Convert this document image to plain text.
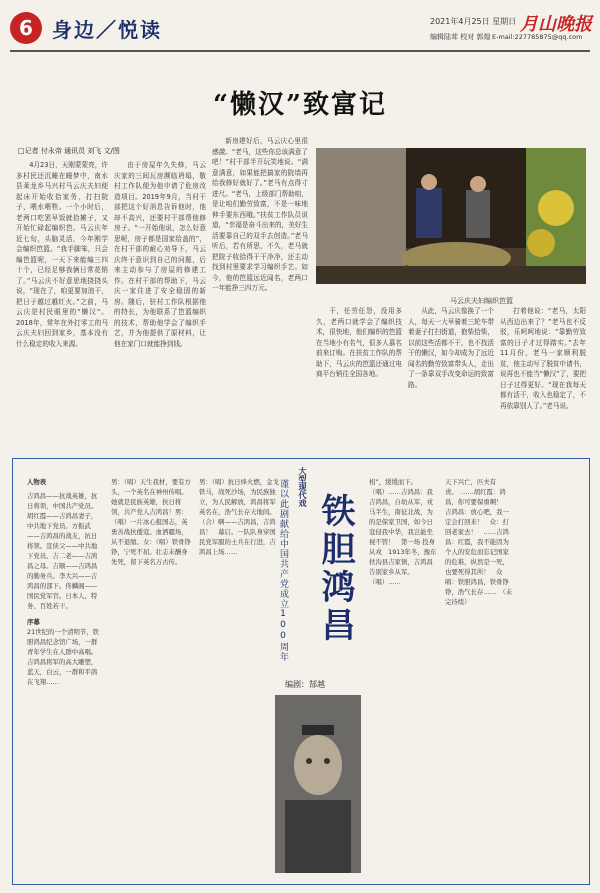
6 身边／悦读	2021年4月25日 星期日
编辑陆茸 校对 郭煌
月山晚报
E-mail:227785875@qq.com
“懒汉”致富记
□记者 付永帝 通讯员 刘飞 文/图

4月23日，天刚蒙蒙亮，许多村民还沉睡在睡梦中，南水县莱龙乡马兴村马云庆夫妇便起床开始收拾家务，打扫院子，喂水喂牲。一个小时后，老两口吃罢早饭就拾摊子，又开始忙碌起编织笆。马云庆年近七旬，头脑灵活，今年刚学会编织笆篮。“我手脚笨，只会编笆篮呢，一天下来能编三四十个，已经足够我俩日常花销了。”马云庆不好意思地挠挠头说，“现在了，咱更要加油干，把日子越过越红火。”之前，马云庆是村民眼里的“懒汉”。2018年，常年在外打零工的马云庆夫妇回到家乡，基本没有什么稳定的收入来源。

由于房屋年久失修，马云庆家的三间瓦房濒临坍塌，敬村工作队便为他申请了危房改造项目。2019年9月，当村干部把这个好消息告诉他时，他却不高兴，还要村干部帮他修房子。“一开始他说，怎么好意思呢，房子都是国家给盖的”，在村干部的耐心劝导下，马云庆终于意识到自己的问题，后来主动参与了房屋的修建工作。在村干部的帮助下，马云庆一家住进了安全稳固的新房。随后，驻村工作队根据他的特长，为他联系了笆篮编织的技术，帮助他学会了编织手艺，并为他提供了原材料，让他在家门口就能挣到钱。

新房建好后，马云庆心里很感激。“老马，这些你总该满意了吧！”村干部半开玩笑地说。“满意满意，如果能把搞家的院墙再给我修好就好了。”老马有点得寸进尺。“老马，上级部门帮助咱，是让咱们勤劳致富，不是一味地伸手要东西哦。”扶贫工作队员说道，“幸福是奋斗出来的，美好生活要靠自己的双手去创造。”老马听后，若有所思，不久，老马就把院子收拾得干干净净，还主动找到村里要求学习编织手艺。如今，他的笆篮远近闻名，老两口一年能挣三四万元。

马云庆夫妇编织笆篮

干，任劳任怨，没用多久，老两口就学会了编织技术，很快地，他们编织的笆篮在当地小有名气，很多人慕名前来订购。在扶贫工作队的帮助下，马云庆的笆篮还通过电商平台销往全国各地。

从此，马云庆像换了一个人，每天一大早骑着三轮车带着妻子打扫街道，抱柴拾柴，以前这些活都不干，也不找活干的懒汉，如今却成为了远近闻名的勤劳致富带头人，走出了一条靠双手改变命运的致富路。

打着他说：“老马，太阳从西边出来了？”老马也不反驳，乐呵呵地说：“靠勤劳致富的日子才过得踏实。”去年11月份，老马一家顺利脱贫，他主动写了脱贫申请书，说再也不能当“懒汉”了，要把日子过得更好。“现在我每天都有活干，收入也稳定了，不再依靠别人了。”老马说。

人物表
吉鸿昌——抗战英雄，抗日将领，中国共产党员。胡红霞——吉鸿昌妻子，中共地下党员。方振武——吉鸿昌的战友，抗日将领。宣侠父——中共地下党员。吉二老——吉鸿昌之母。吉顺——吉鸿昌的勤务兵。李大兴——吉鸿昌的部下。佟麟阁——国民党军官。日本人、特务、百姓若干。
序幕
21世纪的一个清明节，铁胆鸿昌纪念馆广场，一群青年学生在人群中高唱。吉鸿昌将军的高大雕塑，蓝天，白云，一群和平鸽在飞翔……
男：（唱）天生我材，要有方头，一个英名在神州传唱。她就是民族英雄，抗日将领，共产党人吉鸿昌！男：（唱）一片冰心报国志，英勇善战抗倭寇。血洒疆场，从不退缩。女：（唱）铁骨铮铮，宁死不屈。壮志未酬身先死，留下英名万古传。
男：（唱）抗日烽火燃，金戈铁马，战死沙场，为民族独立，为人民解放，鸿昌将军英名在，浩气长存天地间。（合）啊——吉鸿昌，吉鸿昌！　幕启。一队队身穿国民党军服的士兵在行进，吉鸿昌上场……
大型现代戏
谨以此剧献给中国共产党成立100周年 铁胆鸿昌
编剧：郜越
相”，缓缓而下。　（唱）……吉鸿昌：我吉鸿昌，自幼从军，戎马半生，南征北战，为的是保家卫国，如今日寇侵我中华，我岂能坐视不管！　第一场 投身从戎　1913年冬，豫东扶沟县吉家镇，吉鸿昌告别家乡从军。　（唱）……
天下兴亡，匹夫有责。　……胡红霞：鸿昌，你可要保重啊！　吉鸿昌：放心吧，我一定会打回来！　众：打回老家去！　……吉鸿昌：红霞，我不能因为个人的安危而忘记国家的危难，纵然是一死，也要死得其所！　众唱：铁胆鸿昌，铁骨铮铮，浩气长存……　（未完待续）
